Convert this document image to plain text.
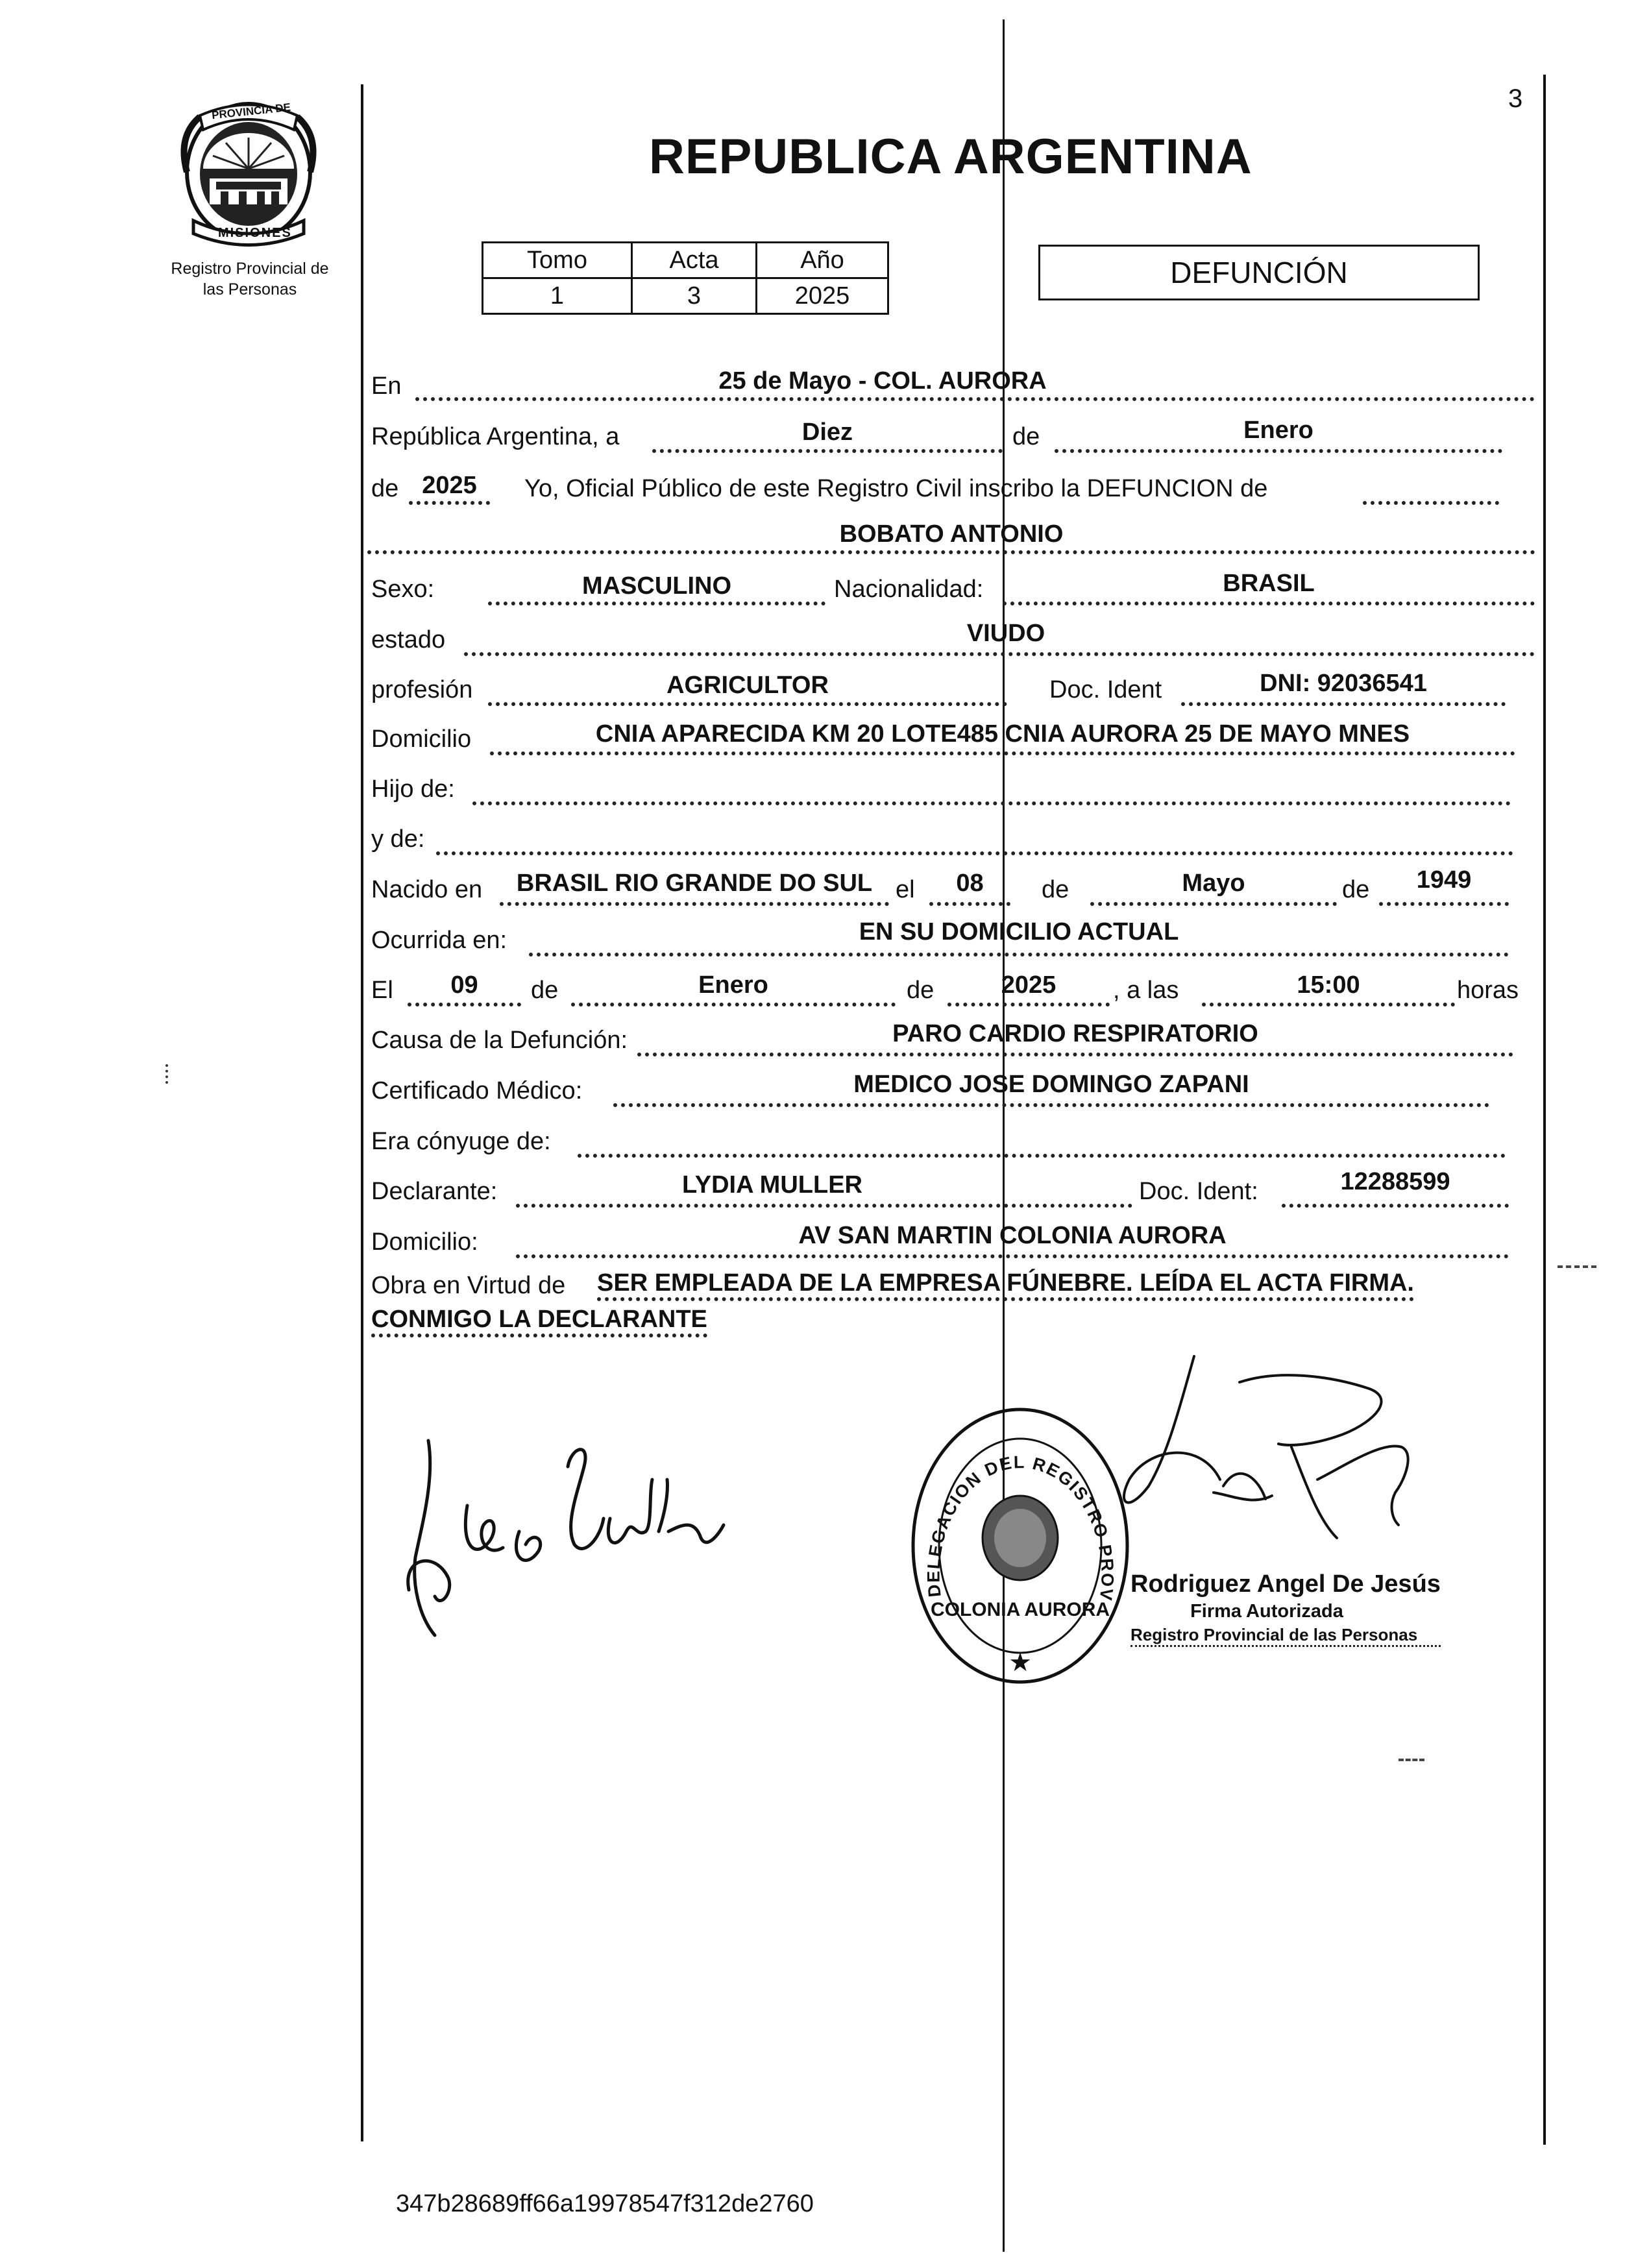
3
PROVINCIA DE
MISIONES
Registro Provincial de
las Personas
REPUBLICA ARGENTINA
Tomo	Acta	Año
1	3	2025
DEFUNCIÓN
En	25 de Mayo - COL. AURORA
República Argentina, a	Diez	de	Enero
de 2025	Yo, Oficial Público de este Registro Civil inscribo la DEFUNCION de
BOBATO ANTONIO
Sexo:	MASCULINO	Nacionalidad:	BRASIL
estado	VIUDO
profesión	AGRICULTOR	Doc. Ident	DNI: 92036541
Domicilio	CNIA APARECIDA KM 20 LOTE485 CNIA AURORA 25 DE MAYO MNES
Hijo de:
y de:
Nacido en	BRASIL RIO GRANDE DO SUL el	08	de	Mayo	de	1949
Ocurrida en:	EN SU DOMICILIO ACTUAL
El	09	de	Enero	de	2025	, a las	15:00	horas
Causa de la Defunción:	PARO CARDIO RESPIRATORIO
Certificado Médico:	MEDICO JOSE DOMINGO ZAPANI
Era cónyuge de:
Declarante:	LYDIA MULLER	Doc. Ident:	12288599
Domicilio:	AV SAN MARTIN COLONIA AURORA
Obra en Virtud de SER EMPLEADA DE LA EMPRESA FÚNEBRE. LEÍDA EL ACTA FIRMA.
CONMIGO LA DECLARANTE
DELEGACION DEL REGISTRO PROV
COLONIA AURORA
★
Rodriguez Angel De Jesús
Firma Autorizada
Registro Provincial de las Personas
347b28689ff66a19978547f312de2760
